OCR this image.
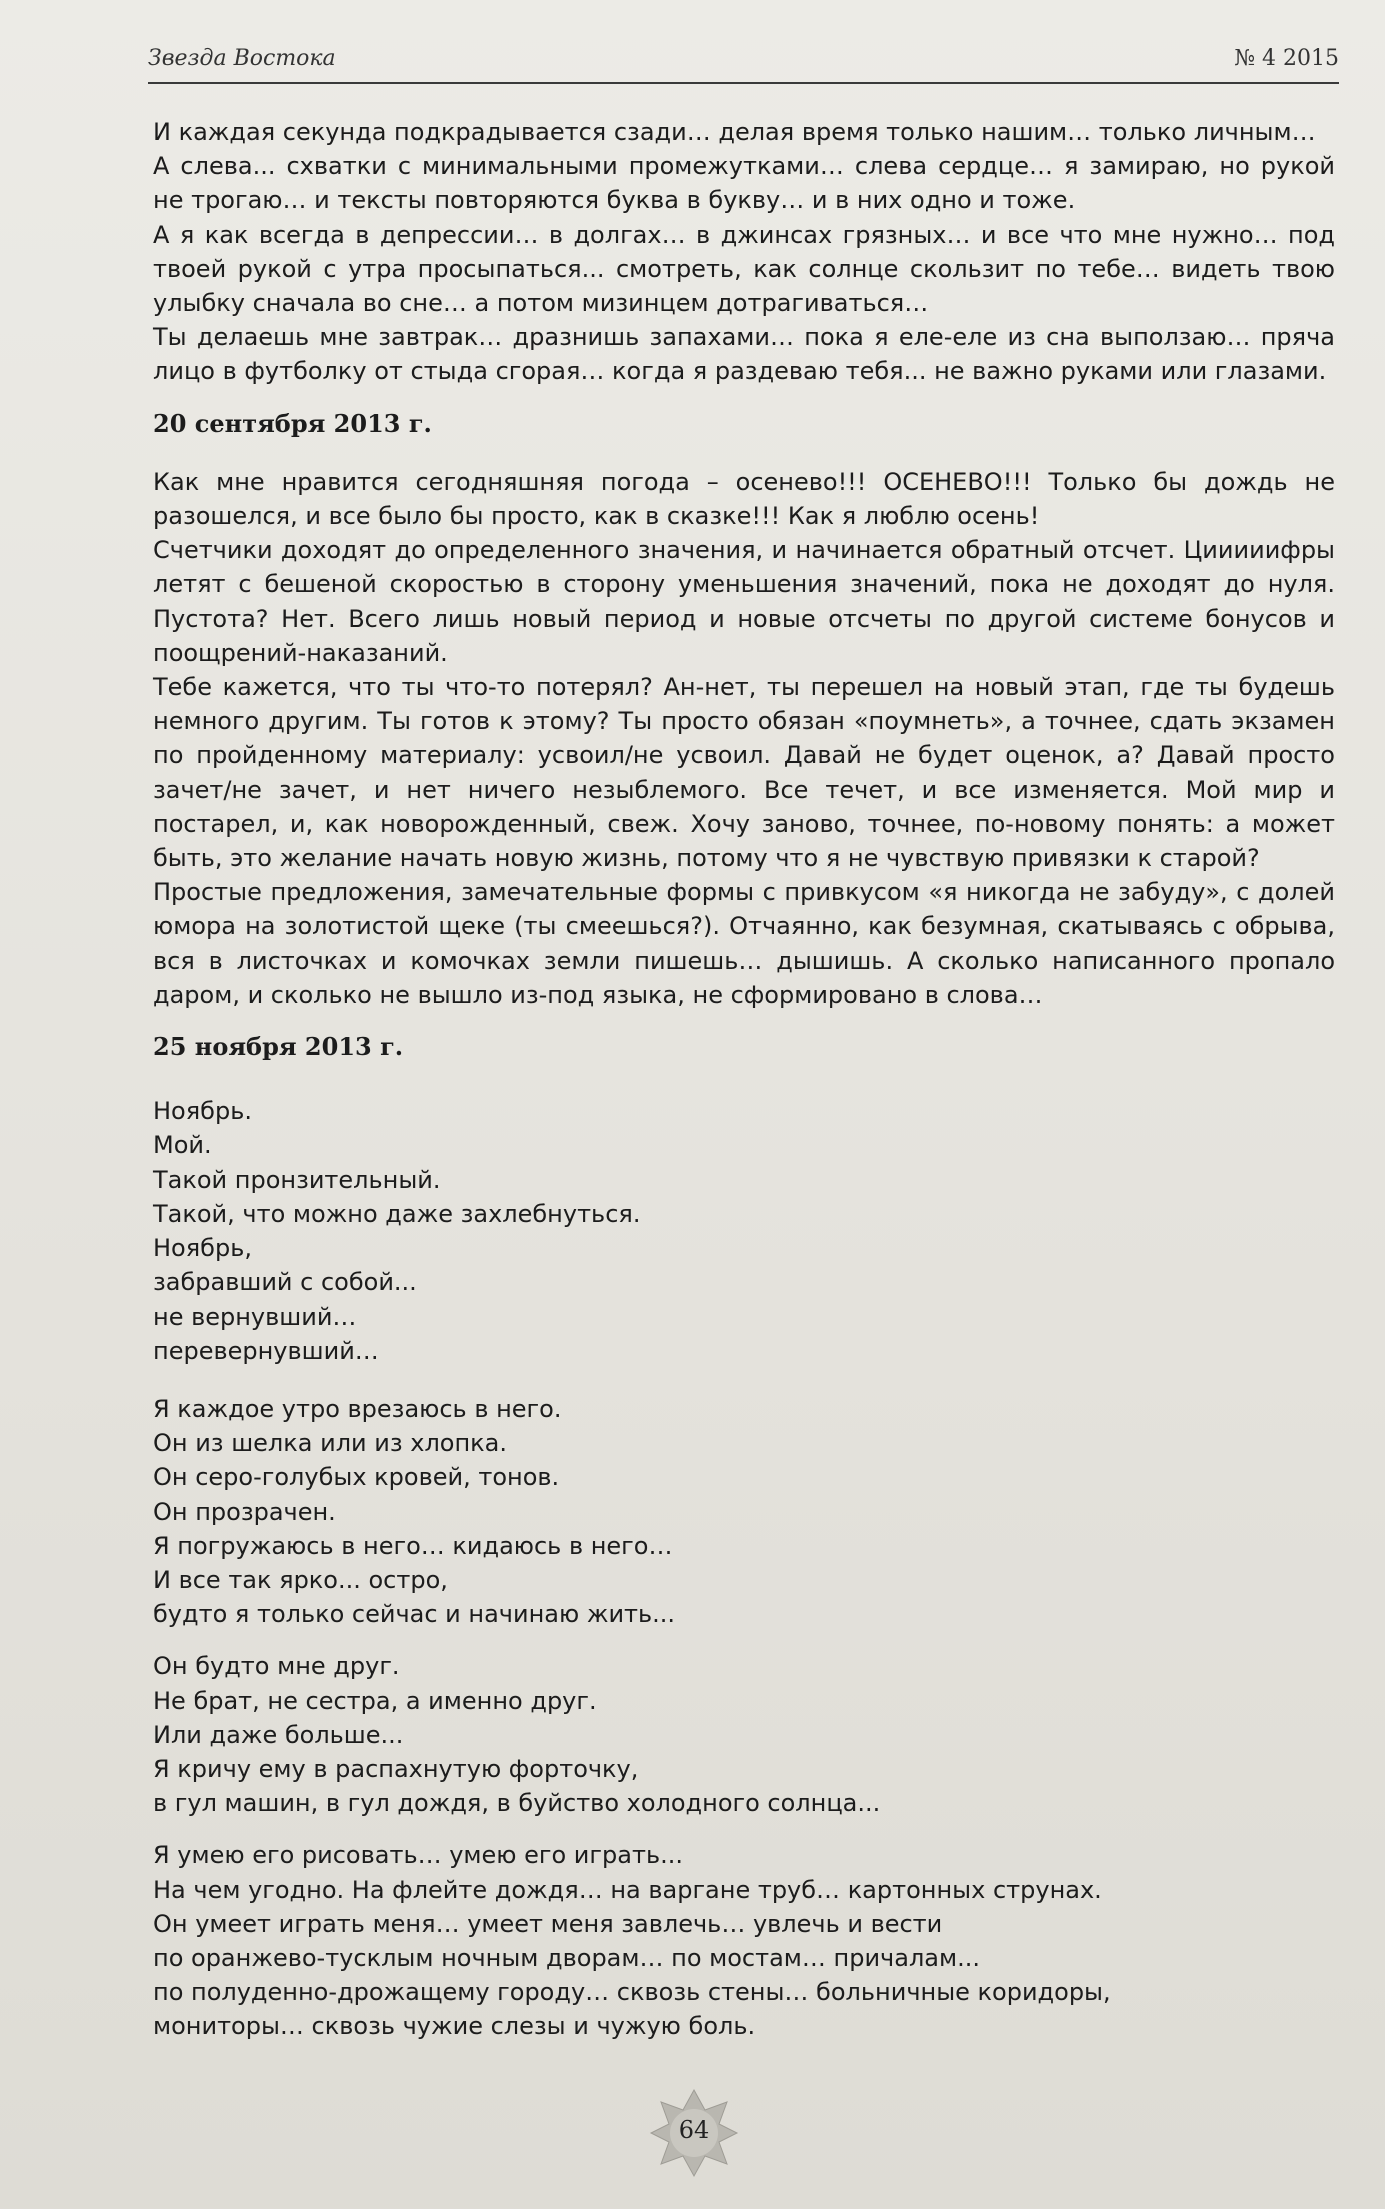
Звезда Востока	№ 4 2015

И каждая секунда подкрадывается сзади… делая время только нашим… только личным…

А слева... схватки с минимальными промежутками… слева сердце… я замираю, но рукой не трогаю… и тексты повторяются буква в букву… и в них одно и тоже.

А я как всегда в депрессии… в долгах… в джинсах грязных… и все что мне нужно… под твоей рукой с утра просыпаться... смотреть, как солнце скользит по тебе… видеть твою улыбку сначала во сне… а потом мизинцем дотрагиваться…

Ты делаешь мне завтрак… дразнишь запахами… пока я еле-еле из сна выползаю… пряча лицо в футболку от стыда сгорая… когда я раздеваю тебя... не важно руками или глазами.

20 сентября 2013 г.

Как мне нравится сегодняшняя погода – осенево!!! ОСЕНЕВО!!! Только бы дождь не разошелся, и все было бы просто, как в сказке!!! Как я люблю осень!

Счетчики доходят до определенного значения, и начинается обратный отсчет. Цииииифры летят с бешеной скоростью в сторону уменьшения значений, пока не доходят до нуля. Пустота? Нет. Всего лишь новый период и новые отсчеты по другой системе бонусов и поощрений-наказаний.

Тебе кажется, что ты что-то потерял? Ан-нет, ты перешел на новый этап, где ты будешь немного другим. Ты готов к этому? Ты просто обязан «поумнеть», а точнее, сдать экзамен по пройденному материалу: усвоил/не усвоил. Давай не будет оценок, а? Давай просто зачет/не зачет, и нет ничего незыблемого. Все течет, и все изменяется. Мой мир и постарел, и, как новорожденный, свеж. Хочу заново, точнее, по-новому понять: а может быть, это желание начать новую жизнь, потому что я не чувствую привязки к старой?

Простые предложения, замечательные формы с привкусом «я никогда не забуду», с долей юмора на золотистой щеке (ты смеешься?). Отчаянно, как безумная, скатываясь с обрыва, вся в листочках и комочках земли пишешь… дышишь. А сколько написанного пропало даром, и сколько не вышло из-под языка, не сформировано в слова…

25 ноября 2013 г.
Ноябрь.
Мой.
Такой пронзительный.
Такой, что можно даже захлебнуться.
Ноябрь,
забравший с собой...
не вернувший…
перевернувший…
Я каждое утро врезаюсь в него.
Он из шелка или из хлопка.
Он серо-голубых кровей, тонов.
Он прозрачен.
Я погружаюсь в него… кидаюсь в него…
И все так ярко... остро,
будто я только сейчас и начинаю жить...
Он будто мне друг.
Не брат, не сестра, а именно друг.
Или даже больше...
Я кричу ему в распахнутую форточку,
в гул машин, в гул дождя, в буйство холодного солнца...
Я умею его рисовать… умею его играть...
На чем угодно. На флейте дождя… на варгане труб… картонных струнах.
Он умеет играть меня… умеет меня завлечь… увлечь и вести
по оранжево-тусклым ночным дворам… по мостам… причалам...
по полуденно-дрожащему городу… сквозь стены… больничные коридоры,
мониторы… сквозь чужие слезы и чужую боль.
64
